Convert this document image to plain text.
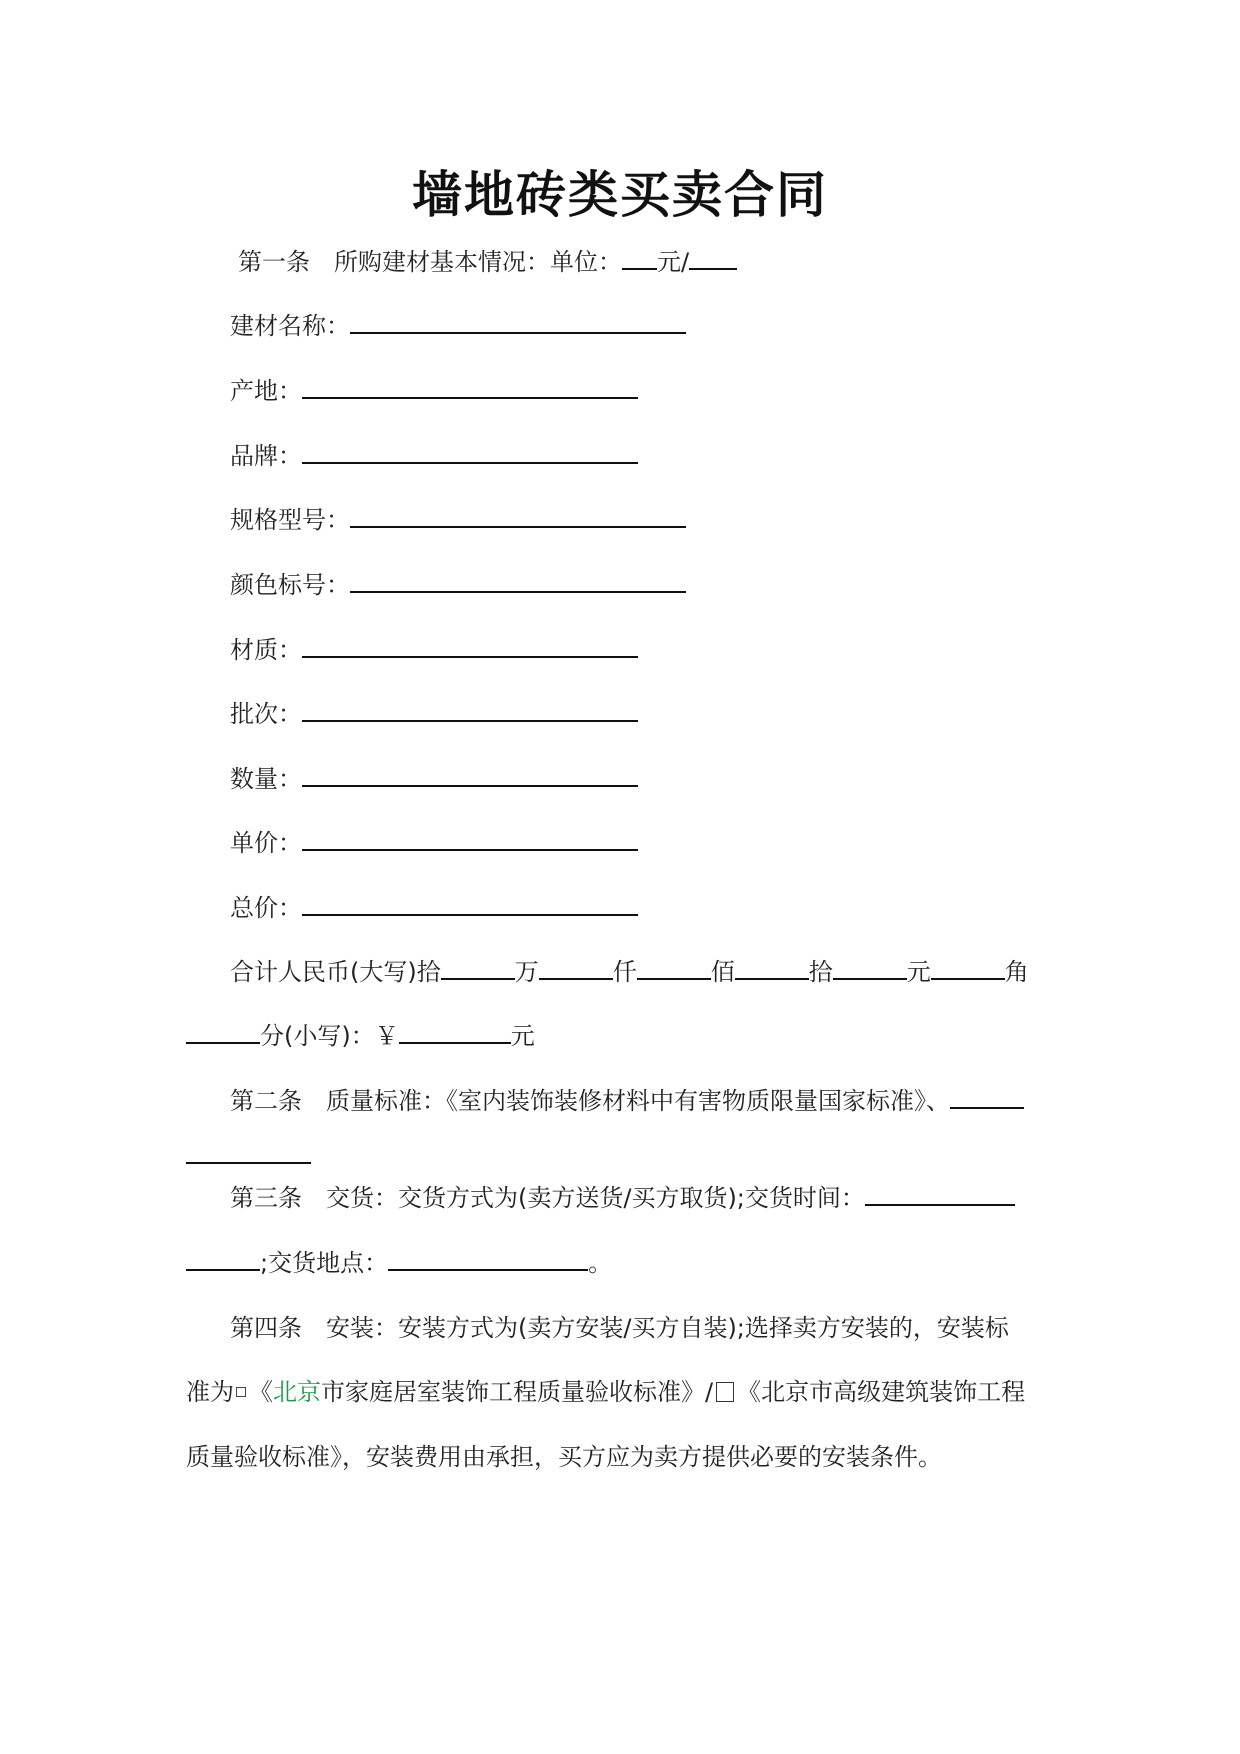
墙地砖类买卖合同
第一条 所购建材基本情况：单位： 元/
建材名称：
产地：
品牌：
规格型号：
颜色标号：
材质：
批次：
数量：
单价：
总价：
合计人民币(大写)拾	万	仟	佰	拾	元	角
分(小写)：￥	元
第二条 质量标准：《室内装饰装修材料中有害物质限量国家标准》、
第三条 交货：交货方式为(卖方送货/买方取货);交货时间：
;交货地点：	。
第四条 安装：安装方式为(卖方安装/买方自装);选择卖方安装的，安装标
准为 《北京市家庭居室装饰工程质量验收标准》/ 《北京市高级建筑装饰工程
质量验收标准》，安装费用由承担，买方应为卖方提供必要的安装条件。
